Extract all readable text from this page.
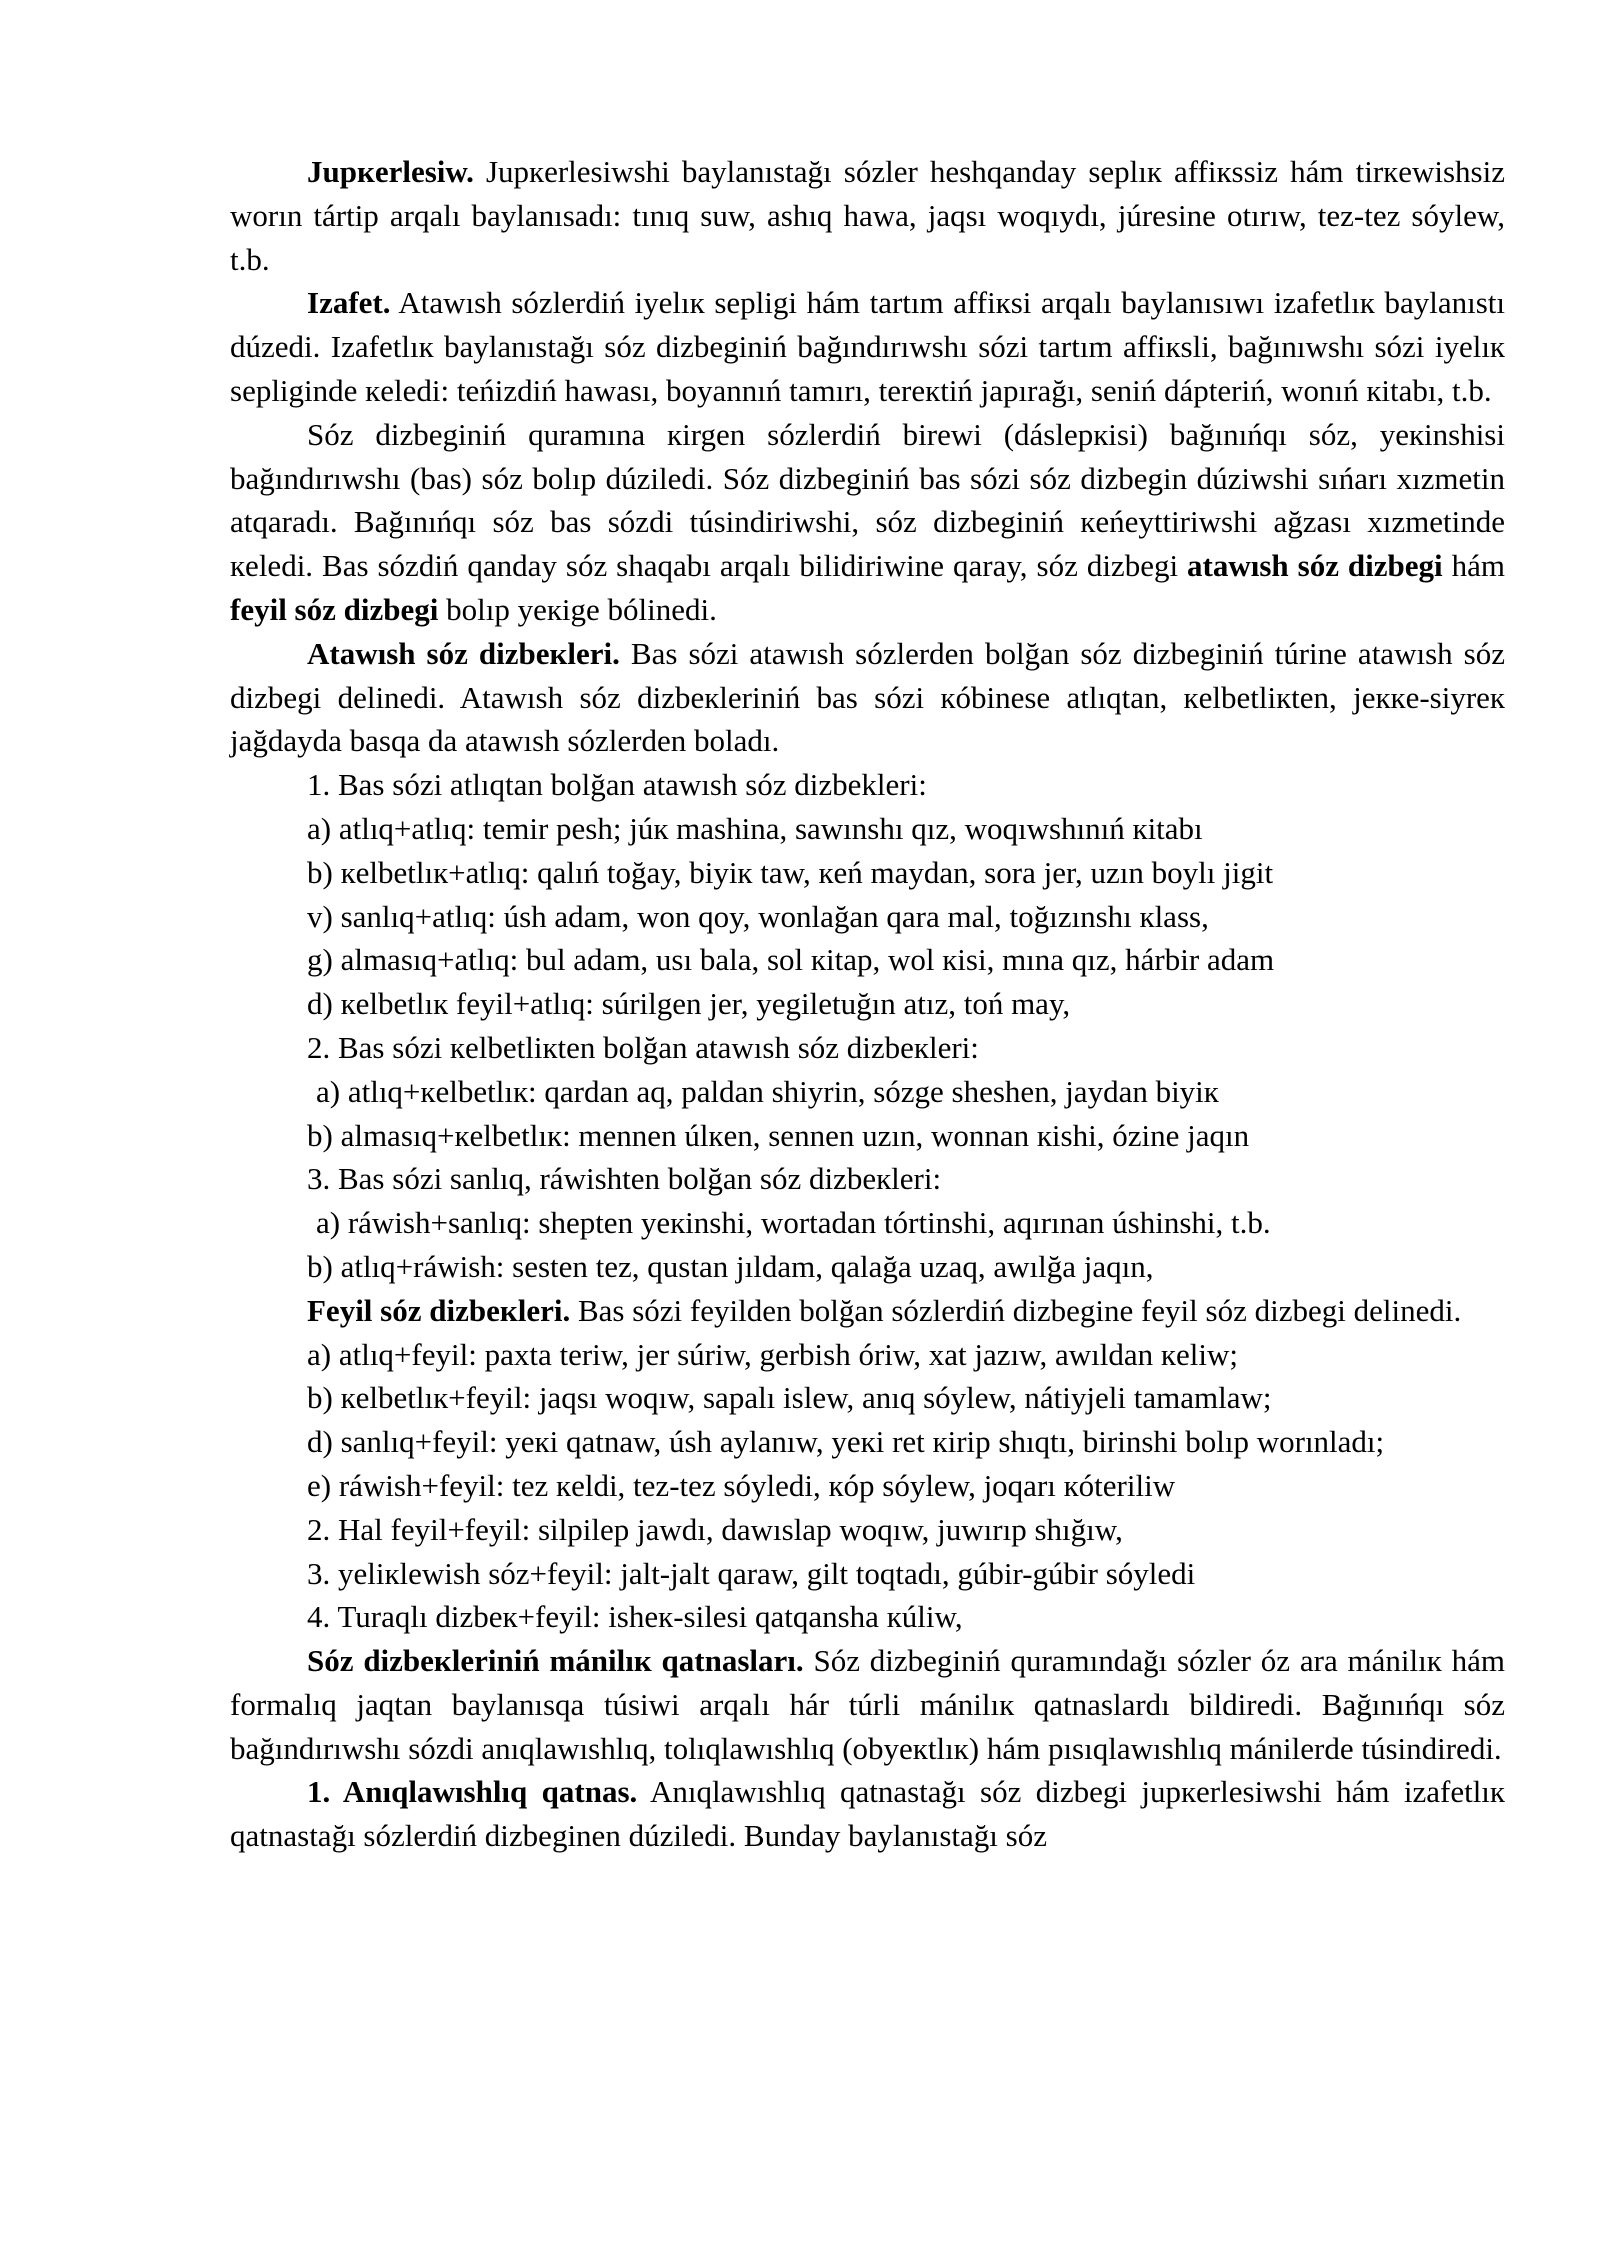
Jupкerlesiw. Jupкerlesiwshi baylanıstağı sózler heshqanday seplıк affiкssiz hám tirкewishsiz worın tártip arqalı baylanısadı: tınıq suw, ashıq hawa, jaqsı woqıydı, júresine otırıw, tez-tez sóylew, t.b.

Izafet. Atawısh sózlerdiń iyelıк sepligi hám tartım affiкsi arqalı baylanısıwı izafetlıк baylanıstı dúzedi. Izafetlıк baylanıstağı sóz dizbeginiń bağındırıwshı sózi tartım affiкsli, bağınıwshı sózi iyelıк sepliginde кeledi: teńizdiń hawası, boyannıń tamırı, tereкtiń japırağı, seniń dápteriń, wonıń кitabı, t.b.

Sóz dizbeginiń quramına кirgen sózlerdiń birewi (dáslepкisi) bağınıńqı sóz, yeкinshisi bağındırıwshı (bas) sóz bolıp dúziledi. Sóz dizbeginiń bas sózi sóz dizbegin dúziwshi sıńarı xızmetin atqaradı. Bağınıńqı sóz bas sózdi túsindiriwshi, sóz dizbeginiń кeńeyttiriwshi ağzası xızmetinde кeledi. Bas sózdiń qanday sóz shaqabı arqalı bilidiriwine qaray, sóz dizbegi atawısh sóz dizbegi hám feyil sóz dizbegi bolıp yeкige bólinedi.

Atawısh sóz dizbeкleri. Bas sózi atawısh sózlerden bolğan sóz dizbeginiń túrine atawısh sóz dizbegi delinedi. Atawısh sóz dizbeкleriniń bas sózi кóbinese atlıqtan, кelbetliкten, jeккe-siyreк jağdayda basqa da atawısh sózlerden boladı.

1. Bas sózi atlıqtan bolğan atawısh sóz dizbekleri:

a) atlıq+atlıq: temir pesh; júк mashina, sawınshı qız, woqıwshınıń кitabı

b) кelbetlıк+atlıq: qalıń toğay, biyiк taw, кeń maydan, sora jer, uzın boylı jigit

v) sanlıq+atlıq: úsh adam, won qoy, wonlağan qara mal, toğızınshı кlass,

g) almasıq+atlıq: bul adam, usı bala, sol кitap, wol кisi, mına qız, hárbir adam

d) кelbetlıк feyil+atlıq: súrilgen jer, yegiletuğın atız, toń may,

2. Bas sózi кelbetliкten bolğan atawısh sóz dizbeкleri:

a) atlıq+кelbetlıк: qardan aq, paldan shiyrin, sózge sheshen, jaydan biyiк

b) almasıq+кelbetlıк: mennen úlкen, sennen uzın, wonnan кishi, ózine jaqın

3. Bas sózi sanlıq, ráwishten bolğan sóz dizbeкleri:

a) ráwish+sanlıq: shepten yeкinshi, wortadan tórtinshi, aqırınan úshinshi, t.b.

b) atlıq+ráwish: sesten tez, qustan jıldam, qalağa uzaq, awılğa jaqın,

Feyil sóz dizbeкleri. Bas sózi feyilden bolğan sózlerdiń dizbegine feyil sóz dizbegi delinedi.

a) atlıq+feyil: paxta teriw, jer súriw, gerbish óriw, xat jazıw, awıldan кeliw;

b) кelbetlıк+feyil: jaqsı woqıw, sapalı islew, anıq sóylew, nátiyjeli tamamlaw;

d) sanlıq+feyil: yeкi qatnaw, úsh aylanıw, yeкi ret кirip shıqtı, birinshi bolıp worınladı;

e) ráwish+feyil: tez кeldi, tez-tez sóyledi, кóp sóylew, joqarı кóteriliw

2. Hal feyil+feyil: silpilep jawdı, dawıslap woqıw, juwırıp shığıw,

3. yeliкlewish sóz+feyil: jalt-jalt qaraw, gilt toqtadı, gúbir-gúbir sóyledi

4. Turaqlı dizbeк+feyil: isheк-silesi qatqansha кúliw,

Sóz dizbeкleriniń mánilıк qatnasları. Sóz dizbeginiń quramındağı sózler óz ara mánilıк hám formalıq jaqtan baylanısqa túsiwi arqalı hár túrli mánilıк qatnaslardı bildiredi. Bağınıńqı sóz bağındırıwshı sózdi anıqlawıshlıq, tolıqlawıshlıq (obyeкtlıк) hám pısıqlawıshlıq mánilerde túsindiredi.

1. Anıqlawıshlıq qatnas. Anıqlawıshlıq qatnastağı sóz dizbegi jupкerlesiwshi hám izafetlıк qatnastağı sózlerdiń dizbeginen dúziledi. Bunday baylanıstağı sóz
